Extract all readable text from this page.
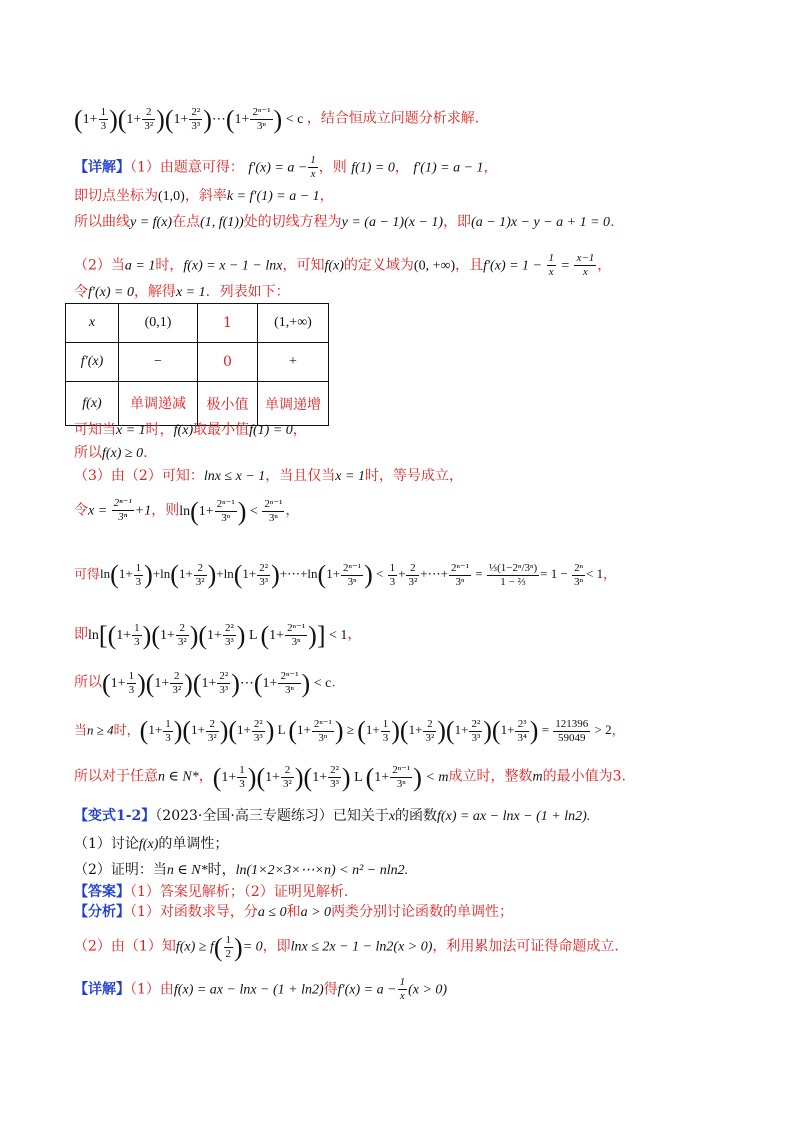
$(1+ \frac{1}{3} )(1+ \frac{2}{\text{3²}} )(1+ \frac{\text{2²}}{\text{3³}}$ )⋯(1+ $\frac{\text{2ⁿ⁻¹}}{\text{3ⁿ}}$ ) < c ，结合恒成立问题分析求解.
【详解】（1）由题意可得： $f'(x) = a - \frac{1}{x}$ ，则 f(1) = 0， f′(1) = a − 1，
即切点坐标为(1,0)，斜率k = f′(1) = a − 1，
所以曲线y = f(x)在点(1, f(1))处的切线方程为y = (a − 1)(x − 1)，即(a − 1)x − y − a + 1 = 0.
（2）当a = 1时，f(x) = x − 1 − lnx，可知f(x)的定义域为(0, +∞)，且$f'(x) = 1 - \frac{1}{x} = \frac{x-1}{x}$ ，
令f′(x) = 0，解得x = 1．列表如下：
x	(0,1)	1	(1,+∞)
f′(x)	−	0	+
f(x)	单调递减	极小值	单调递增
可知当x = 1时，f(x)取最小值f(1) = 0，
所以f(x) ≥ 0.
（3）由（2）可知：lnx ≤ x − 1，当且仅当x = 1时，等号成立，
令$x = \frac{\text{2ⁿ⁻¹}}{\text{3ⁿ}} +1$，则$\ln(1+ \frac{\text{2ⁿ⁻¹}}{\text{3ⁿ}}$ ) < $\frac{\text{2ⁿ⁻¹}}{\text{3ⁿ}}$ ，
可得$\ln(1+ \frac{1}{3} )+\ln(1+ \frac{2}{\text{3²}} )+\ln(1+ \frac{\text{2²}}{\text{3³}}$ )+⋯+ln(1+ $\frac{\text{2ⁿ⁻¹}}{\text{3ⁿ}}$ ) < $\frac{1}{3} + \frac{2}{\text{3²}}$ +⋯+ $\frac{\text{2ⁿ⁻¹}}{\text{3ⁿ}} = \frac{\text{⅓(1−2ⁿ/3ⁿ)}}{\text{1 − ⅔}} = 1 - \frac{\text{2ⁿ}}{\text{3ⁿ}} < 1$，
即$\ln[(1+ \frac{1}{3} )(1+ \frac{2}{\text{3²}} )(1+ \frac{\text{2²}}{\text{3³}}$ ) L ($1+ \frac{\text{2ⁿ⁻¹}}{\text{3ⁿ}}$ )] < 1，
所以$(1+ \frac{1}{3} )(1+ \frac{2}{\text{3²}} )(1+ \frac{\text{2²}}{\text{3³}}$ )⋯(1+ $\frac{\text{2ⁿ⁻¹}}{\text{3ⁿ}}$ ) < c.
当n ≥ 4时，$(1+ \frac{1}{3} )(1+ \frac{2}{\text{3²}} )(1+ \frac{\text{2²}}{\text{3³}}$ ) L ($1+ \frac{\text{2ⁿ⁻¹}}{\text{3ⁿ}}$ ) ≥ $(1+ \frac{1}{3} )(1+ \frac{2}{\text{3²}} )(1+ \frac{\text{2²}}{\text{3³}} )(1+ \frac{\text{2³}}{\text{3⁴}}$ ) = $\frac{121396}{59049} > 2$，
所以对于任意n ∈ N*，$(1+ \frac{1}{3} )(1+ \frac{2}{\text{3²}} )(1+ \frac{\text{2²}}{\text{3³}}$ ) L ($1+ \frac{\text{2ⁿ⁻¹}}{\text{3ⁿ}}$ ) < m成立时，整数m的最小值为3.
【变式1-2】（2023·全国·高三专题练习）已知关于x的函数f(x) = ax − lnx − (1 + ln2).
（1）讨论f(x)的单调性；
（2）证明：当n ∈ N*时，ln(1×2×3×⋯×n) < n² − nln2.
【答案】（1）答案见解析；（2）证明见解析.
【分析】（1）对函数求导，分a ≤ 0和a > 0两类分别讨论函数的单调性；
（2）由（1）知$f(x) \ge f( \frac{1}{2}$ )= 0，即lnx ≤ 2x − 1 − ln2(x > 0)，利用累加法可证得命题成立.
【详解】（1）由f(x) = ax − lnx − (1 + ln2)得$f'(x) = a - \frac{1}{x} (x > 0)$
